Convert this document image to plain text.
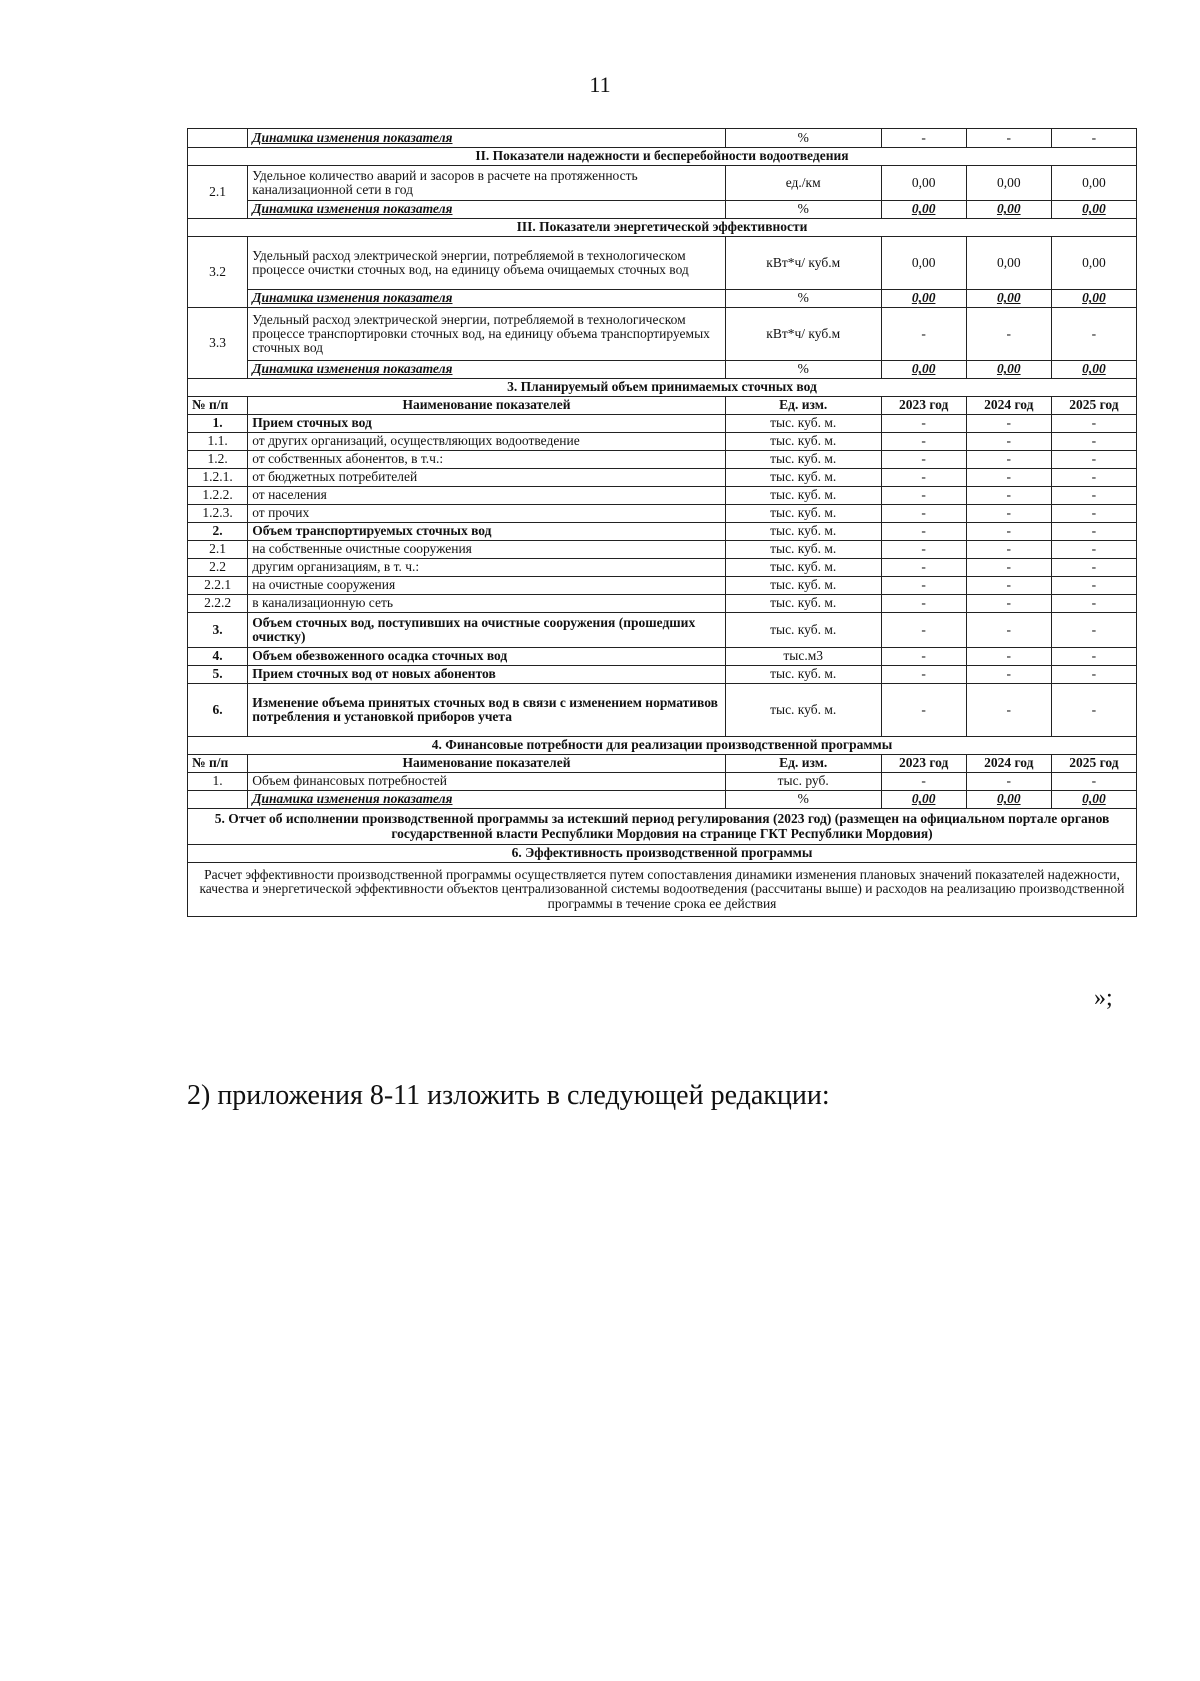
11
	Динамика изменения показателя	%	-	-	-
II. Показатели надежности и бесперебойности водоотведения					
2.1	Удельное количество аварий и засоров в расчете на протяженность канализационной сети в год	ед./км	0,00	0,00	0,00
	Динамика изменения показателя	%	0,00	0,00	0,00
III. Показатели энергетической эффективности					
3.2	Удельный расход электрической энергии, потребляемой в технологическом процессе очистки сточных вод, на единицу объема очищаемых сточных вод	кВт*ч/ куб.м	0,00	0,00	0,00
	Динамика изменения показателя	%	0,00	0,00	0,00
3.3	Удельный расход электрической энергии, потребляемой в технологическом процессе транспортировки сточных вод, на единицу объема транспортируемых сточных вод	кВт*ч/ куб.м	-	-	-
	Динамика изменения показателя	%	0,00	0,00	0,00
3. Планируемый объем принимаемых сточных вод					
№ п/п	Наименование показателей	Ед. изм.	2023 год	2024 год	2025 год
1.	Прием сточных вод	тыс. куб. м.	-	-	-
1.1.	от других организаций, осуществляющих водоотведение	тыс. куб. м.	-	-	-
1.2.	от собственных абонентов, в т.ч.:	тыс. куб. м.	-	-	-
1.2.1.	от бюджетных потребителей	тыс. куб. м.	-	-	-
1.2.2.	от населения	тыс. куб. м.	-	-	-
1.2.3.	от прочих	тыс. куб. м.	-	-	-
2.	Объем транспортируемых сточных вод	тыс. куб. м.	-	-	-
2.1	на собственные очистные сооружения	тыс. куб. м.	-	-	-
2.2	другим организациям, в т. ч.:	тыс. куб. м.	-	-	-
2.2.1	на очистные сооружения	тыс. куб. м.	-	-	-
2.2.2	в канализационную сеть	тыс. куб. м.	-	-	-
3.	Объем сточных вод, поступивших на очистные сооружения (прошедших очистку)	тыс. куб. м.	-	-	-
4.	Объем обезвоженного осадка сточных вод	тыс.м3	-	-	-
5.	Прием сточных вод от новых абонентов	тыс. куб. м.	-	-	-
6.	Изменение объема принятых сточных вод в связи с изменением нормативов потребления и установкой приборов учета	тыс. куб. м.	-	-	-
4. Финансовые потребности для реализации производственной программы					
№ п/п	Наименование показателей	Ед. изм.	2023 год	2024 год	2025 год
1.	Объем финансовых потребностей	тыс. руб.	-	-	-
	Динамика изменения показателя	%	0,00	0,00	0,00
5. Отчет об исполнении производственной программы за истекший период регулирования (2023 год) (размещен на официальном портале органов государственной власти Республики Мордовия на странице ГКТ Республики Мордовия)					
6. Эффективность производственной программы					
Расчет эффективности производственной программы осуществляется путем сопоставления динамики изменения плановых значений показателей надежности, качества и энергетической эффективности объектов централизованной системы водоотведения (рассчитаны выше) и расходов на реализацию производственной программы в течение срока ее действия					
»;
2) приложения 8-11 изложить в следующей редакции:
